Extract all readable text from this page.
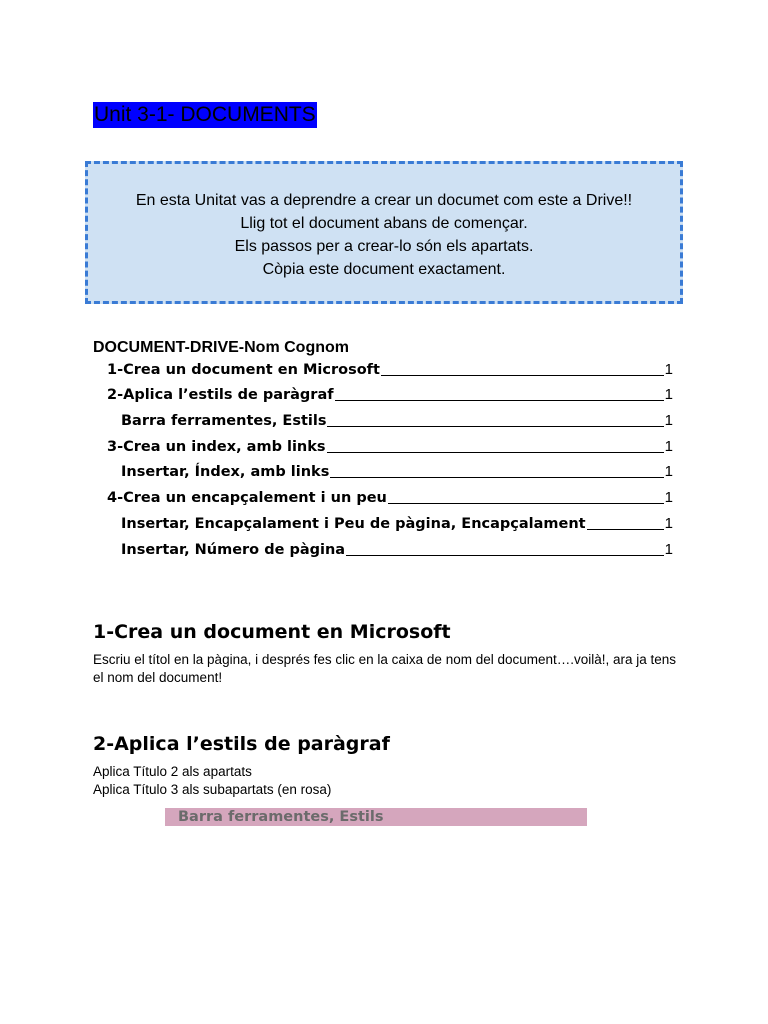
Unit 3-1- DOCUMENTS
En esta Unitat vas a deprendre a crear un documet com este a Drive!!
Llig tot el document abans de començar.
Els passos per a crear-lo són els apartats.
Còpia este document exactament.
DOCUMENT-DRIVE-Nom Cognom
1-Crea un document en Microsoft	1
2-Aplica l’estils de paràgraf	1
Barra ferramentes, Estils	1
3-Crea un index, amb links	1
Insertar, Índex, amb links	1
4-Crea un encapçalement i un peu	1
Insertar, Encapçalament i Peu de pàgina, Encapçalament	1
Insertar, Número de pàgina	1
1-Crea un document en Microsoft
Escriu el títol en la pàgina, i després fes clic en la caixa de nom del document….voilà!, ara ja tens el nom del document!
2-Aplica l’estils de paràgraf
Aplica Título 2 als apartats
Aplica Título 3 als subapartats (en rosa)
Barra ferramentes, Estils
